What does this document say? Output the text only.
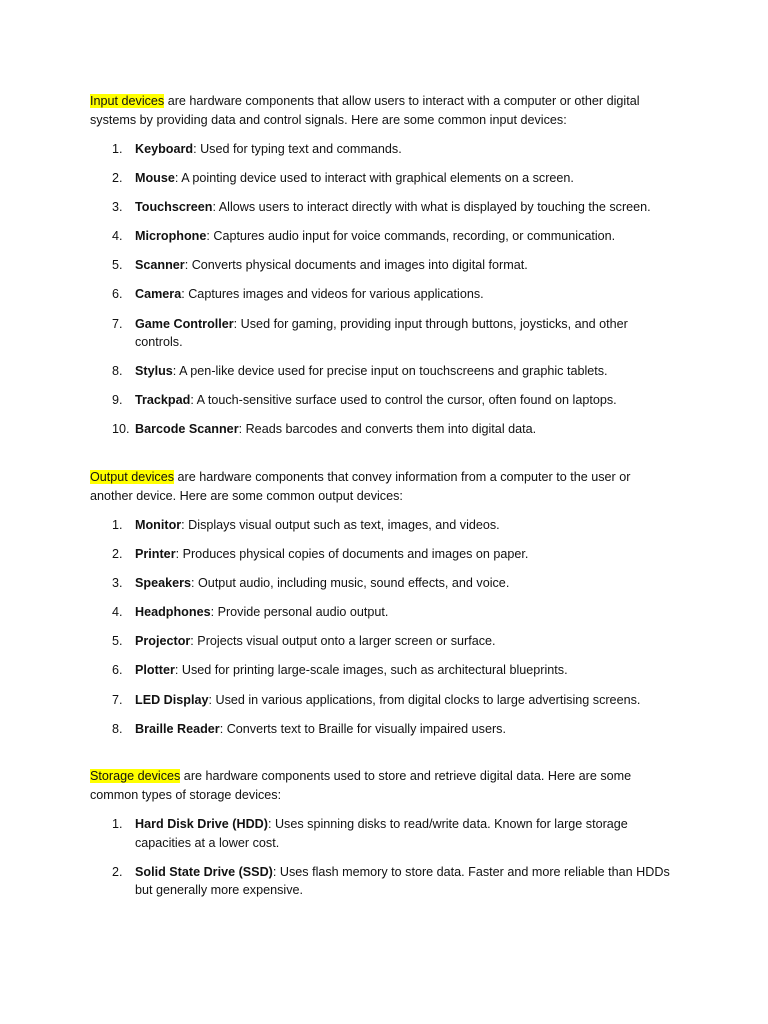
Input devices are hardware components that allow users to interact with a computer or other digital systems by providing data and control signals. Here are some common input devices:

1. Keyboard: Used for typing text and commands.
2. Mouse: A pointing device used to interact with graphical elements on a screen.
3. Touchscreen: Allows users to interact directly with what is displayed by touching the screen.
4. Microphone: Captures audio input for voice commands, recording, or communication.
5. Scanner: Converts physical documents and images into digital format.
6. Camera: Captures images and videos for various applications.
7. Game Controller: Used for gaming, providing input through buttons, joysticks, and other controls.
8. Stylus: A pen-like device used for precise input on touchscreens and graphic tablets.
9. Trackpad: A touch-sensitive surface used to control the cursor, often found on laptops.
10. Barcode Scanner: Reads barcodes and converts them into digital data.

Output devices are hardware components that convey information from a computer to the user or another device. Here are some common output devices:

1. Monitor: Displays visual output such as text, images, and videos.
2. Printer: Produces physical copies of documents and images on paper.
3. Speakers: Output audio, including music, sound effects, and voice.
4. Headphones: Provide personal audio output.
5. Projector: Projects visual output onto a larger screen or surface.
6. Plotter: Used for printing large-scale images, such as architectural blueprints.
7. LED Display: Used in various applications, from digital clocks to large advertising screens.
8. Braille Reader: Converts text to Braille for visually impaired users.

Storage devices are hardware components used to store and retrieve digital data. Here are some common types of storage devices:

1. Hard Disk Drive (HDD): Uses spinning disks to read/write data. Known for large storage capacities at a lower cost.
2. Solid State Drive (SSD): Uses flash memory to store data. Faster and more reliable than HDDs but generally more expensive.
